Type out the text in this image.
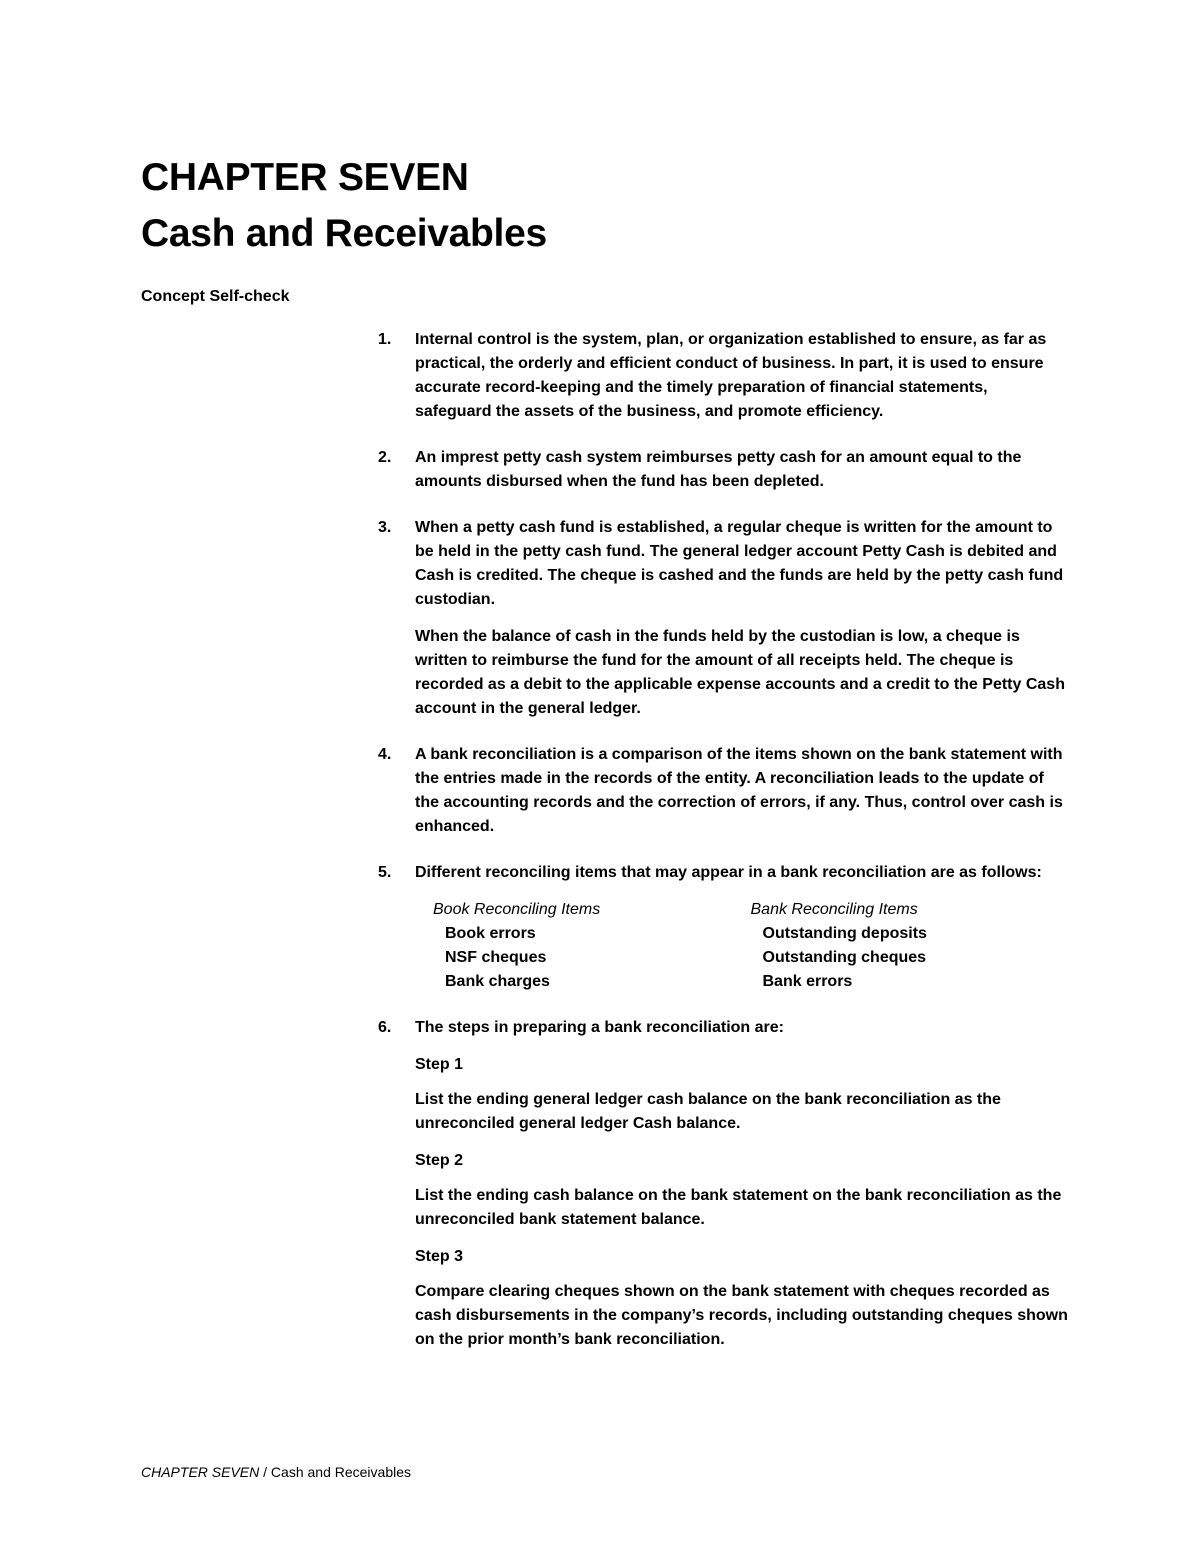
CHAPTER SEVEN
Cash and Receivables
Concept Self-check
1. Internal control is the system, plan, or organization established to ensure, as far as practical, the orderly and efficient conduct of business. In part, it is used to ensure accurate record-keeping and the timely preparation of financial statements, safeguard the assets of the business, and promote efficiency.

2. An imprest petty cash system reimburses petty cash for an amount equal to the amounts disbursed when the fund has been depleted.

3. When a petty cash fund is established, a regular cheque is written for the amount to be held in the petty cash fund. The general ledger account Petty Cash is debited and Cash is credited. The cheque is cashed and the funds are held by the petty cash fund custodian.

When the balance of cash in the funds held by the custodian is low, a cheque is written to reimburse the fund for the amount of all receipts held. The cheque is recorded as a debit to the applicable expense accounts and a credit to the Petty Cash account in the general ledger.

4. A bank reconciliation is a comparison of the items shown on the bank statement with the entries made in the records of the entity. A reconciliation leads to the update of the accounting records and the correction of errors, if any. Thus, control over cash is enhanced.

5. Different reconciling items that may appear in a bank reconciliation are as follows:

Book Reconciling Items
Book errors
NSF cheques
Bank charges
Bank Reconciling Items
Outstanding deposits
Outstanding cheques
Bank errors
6. The steps in preparing a bank reconciliation are:

Step 1

List the ending general ledger cash balance on the bank reconciliation as the unreconciled general ledger Cash balance.

Step 2

List the ending cash balance on the bank statement on the bank reconciliation as the unreconciled bank statement balance.

Step 3

Compare clearing cheques shown on the bank statement with cheques recorded as cash disbursements in the company’s records, including outstanding cheques shown on the prior month’s bank reconciliation.

CHAPTER SEVEN / Cash and Receivables
